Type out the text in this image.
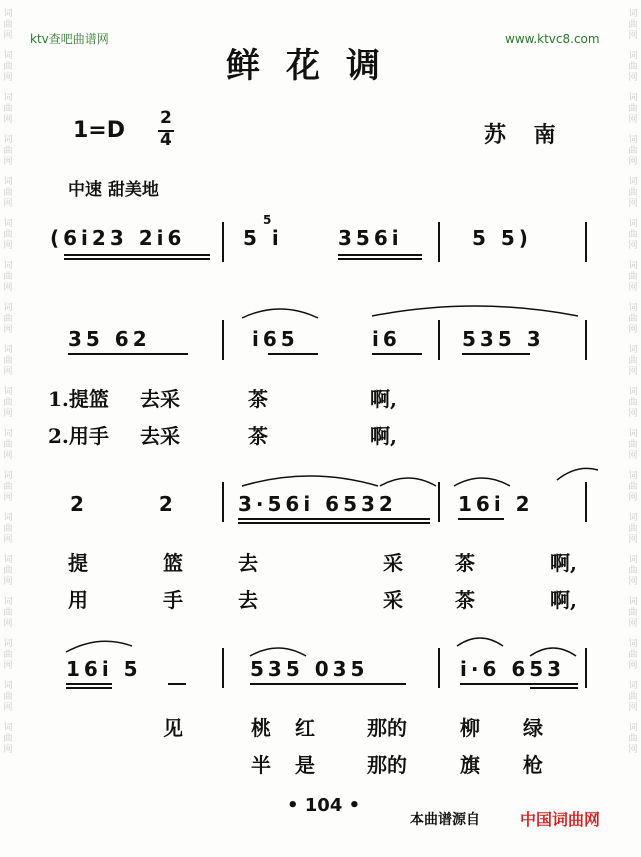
ktv查吧曲谱网	www.ktvc8.com
词
曲
网
词
曲
网
词
曲
网
词
曲
网
词
曲
网
词
曲
网
词
曲
网
词
曲
网
词
曲
网
词
曲
网
词
曲
网
词
曲
网
词
曲
网
词
曲
网
词
曲
网
词
曲
网
词
曲
网
词
曲
网
词
曲
网
词
曲
网
词
曲
网
词
曲
网
词
曲
网
词
曲
网
词
曲
网
词
曲
网
词
曲
网
词
曲
网
词
曲
网
词
曲
网
词
曲
网
词
曲
网
词
曲
网
词
曲
网
词
曲
网
词
曲
网
鲜花调
1=D 2
4	苏 南
中速 甜美地
(6i23 2i6
5
5 i	356i	5 5)
35 62	i65	i6	535 3
1.提篮 去采	茶	啊,
2.用手 去采	茶	啊,
2 2	3·56i 6532	16i 2
提	篮	去	采	茶	啊,
用	手	去	采	茶	啊,
16i 5	535 035	i·6 653
见	桃 红	那的	柳 绿
半 是	那的	旗 枪
• 104 •
本曲谱源自	中国词曲网
